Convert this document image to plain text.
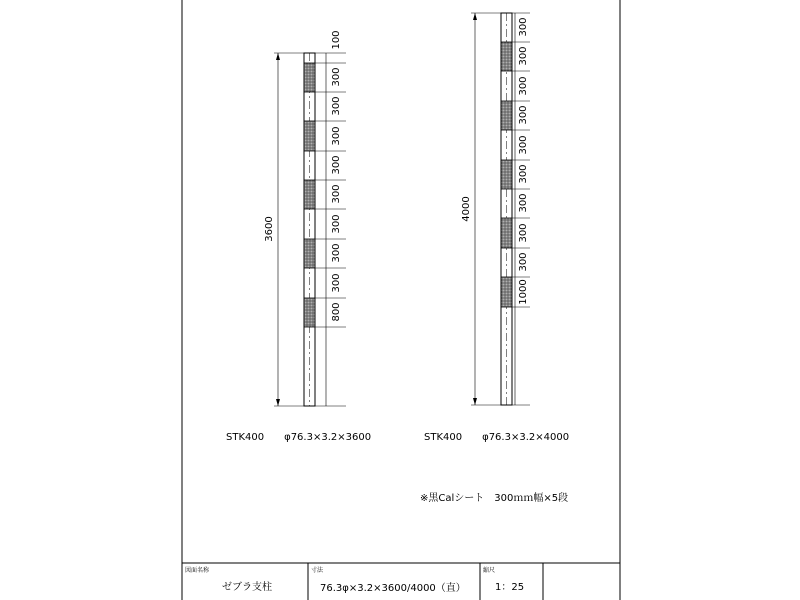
3600
100
300
300
300
300
300
300
300
300
800
4000
300
300
300
300
300
300
300
300
300
1000
STK400　　φ76.3×3.2×3600	STK400　　φ76.3×3.2×4000
※黒Calシート　300ｍｍ幅×5段
図面名称
ゼブラ支柱
寸法
76.3φ×3.2×3600/4000（直）
縮尺
1：25
